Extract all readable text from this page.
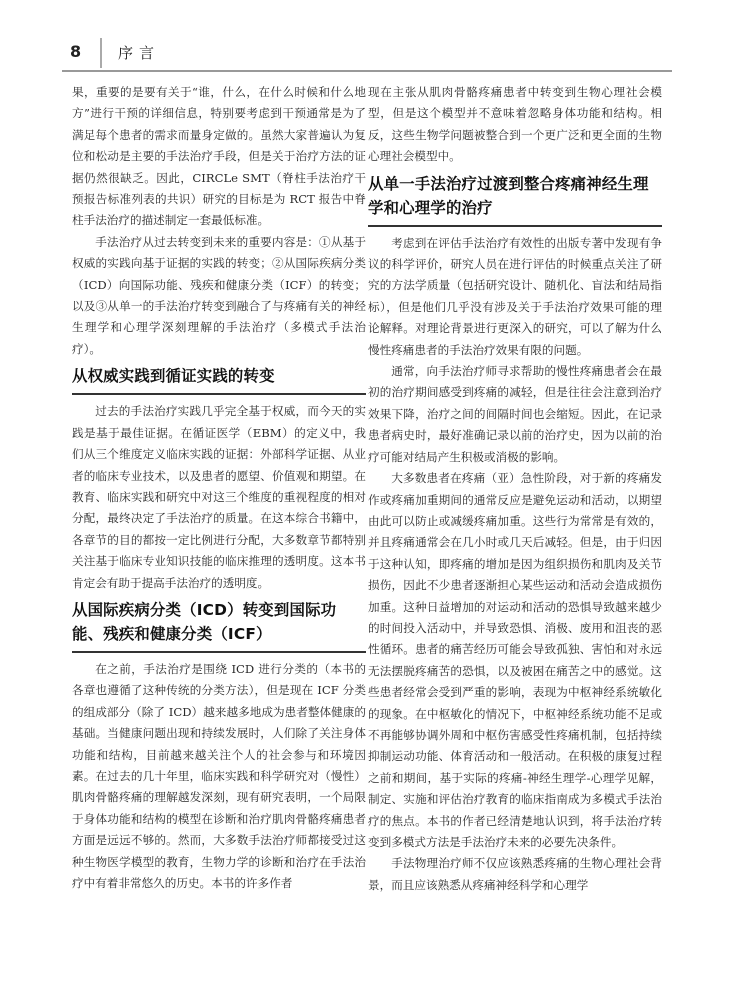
8 序言

果，重要的是要有关于“谁，什么，在什么时候和什么地方”进行干预的详细信息，特别要考虑到干预通常是为了满足每个患者的需求而量身定做的。虽然大家普遍认为复位和松动是主要的手法治疗手段，但是关于治疗方法的证据仍然很缺乏。因此，CIRCLe SMT（脊柱手法治疗干预报告标准列表的共识）研究的目标是为 RCT 报告中脊柱手法治疗的描述制定一套最低标准。

手法治疗从过去转变到未来的重要内容是：①从基于权威的实践向基于证据的实践的转变；②从国际疾病分类（ICD）向国际功能、残疾和健康分类（ICF）的转变；以及③从单一的手法治疗转变到融合了与疼痛有关的神经生理学和心理学深刻理解的手法治疗（多模式手法治疗）。

从权威实践到循证实践的转变

过去的手法治疗实践几乎完全基于权威，而今天的实践是基于最佳证据。在循证医学（EBM）的定义中，我们从三个维度定义临床实践的证据：外部科学证据、从业者的临床专业技术，以及患者的愿望、价值观和期望。在教育、临床实践和研究中对这三个维度的重视程度的相对分配，最终决定了手法治疗的质量。在这本综合书籍中，各章节的目的都按一定比例进行分配，大多数章节都特别关注基于临床专业知识技能的临床推理的透明度。这本书肯定会有助于提高手法治疗的透明度。

从国际疾病分类（ICD）转变到国际功能、残疾和健康分类（ICF）

在之前，手法治疗是围绕 ICD 进行分类的（本书的各章也遵循了这种传统的分类方法），但是现在 ICF 分类的组成部分（除了 ICD）越来越多地成为患者整体健康的基础。当健康问题出现和持续发展时，人们除了关注身体功能和结构，目前越来越关注个人的社会参与和环境因素。在过去的几十年里，临床实践和科学研究对（慢性）肌肉骨骼疼痛的理解越发深刻，现有研究表明，一个局限于身体功能和结构的模型在诊断和治疗肌肉骨骼疼痛患者方面是远远不够的。然而，大多数手法治疗师都接受过这种生物医学模型的教育，生物力学的诊断和治疗在手法治疗中有着非常悠久的历史。本书的许多作者

现在主张从肌肉骨骼疼痛患者中转变到生物心理社会模型，但是这个模型并不意味着忽略身体功能和结构。相反，这些生物学问题被整合到一个更广泛和更全面的生物心理社会模型中。

从单一手法治疗过渡到整合疼痛神经生理学和心理学的治疗

考虑到在评估手法治疗有效性的出版专著中发现有争议的科学评价，研究人员在进行评估的时候重点关注了研究的方法学质量（包括研究设计、随机化、盲法和结局指标），但是他们几乎没有涉及关于手法治疗效果可能的理论解释。对理论背景进行更深入的研究，可以了解为什么慢性疼痛患者的手法治疗效果有限的问题。

通常，向手法治疗师寻求帮助的慢性疼痛患者会在最初的治疗期间感受到疼痛的减轻，但是往往会注意到治疗效果下降，治疗之间的间隔时间也会缩短。因此，在记录患者病史时，最好准确记录以前的治疗史，因为以前的治疗可能对结局产生积极或消极的影响。

大多数患者在疼痛（亚）急性阶段，对于新的疼痛发作或疼痛加重期间的通常反应是避免运动和活动，以期望由此可以防止或减缓疼痛加重。这些行为常常是有效的，并且疼痛通常会在几小时或几天后减轻。但是，由于归因于这种认知，即疼痛的增加是因为组织损伤和肌肉及关节损伤，因此不少患者逐渐担心某些运动和活动会造成损伤加重。这种日益增加的对运动和活动的恐惧导致越来越少的时间投入活动中，并导致恐惧、消极、废用和沮丧的恶性循环。患者的痛苦经历可能会导致孤独、害怕和对永远无法摆脱疼痛苦的恐惧，以及被困在痛苦之中的感觉。这些患者经常会受到严重的影响，表现为中枢神经系统敏化的现象。在中枢敏化的情况下，中枢神经系统功能不足或不再能够协调外周和中枢伤害感受性疼痛机制，包括持续抑制运动功能、体育活动和一般活动。在积极的康复过程之前和期间，基于实际的疼痛-神经生理学-心理学见解，制定、实施和评估治疗教育的临床指南成为多模式手法治疗的焦点。本书的作者已经清楚地认识到，将手法治疗转变到多模式方法是手法治疗未来的必要先决条件。

手法物理治疗师不仅应该熟悉疼痛的生物心理社会背景，而且应该熟悉从疼痛神经科学和心理学
